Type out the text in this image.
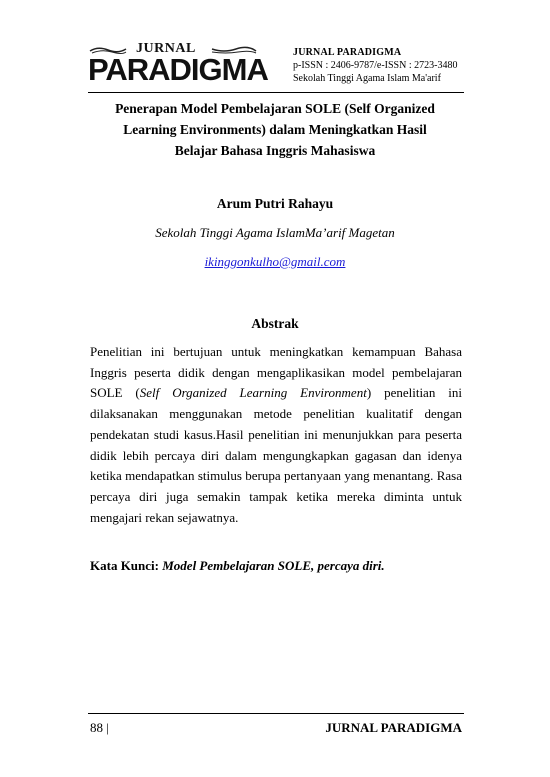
JURNAL
PARADIGMA	JURNAL PARADIGMA
p-ISSN : 2406-9787/e-ISSN : 2723-3480
Sekolah Tinggi Agama Islam Ma'arif
Penerapan Model Pembelajaran SOLE (Self Organized
Learning Environments) dalam Meningkatkan Hasil
Belajar Bahasa Inggris Mahasiswa
Arum Putri Rahayu
Sekolah Tinggi Agama IslamMa’arif Magetan
ikinggonkulho@gmail.com
Abstrak
Penelitian ini bertujuan untuk meningkatkan kemampuan Bahasa Inggris peserta didik dengan mengaplikasikan model pembelajaran SOLE (Self Organized Learning Environment) penelitian ini dilaksanakan menggunakan metode penelitian kualitatif dengan pendekatan studi kasus.Hasil penelitian ini menunjukkan para peserta didik lebih percaya diri dalam mengungkapkan gagasan dan idenya ketika mendapatkan stimulus berupa pertanyaan yang menantang. Rasa percaya diri juga semakin tampak ketika mereka diminta untuk mengajari rekan sejawatnya.
Kata Kunci: Model Pembelajaran SOLE, percaya diri.
88 |	JURNAL PARADIGMA
